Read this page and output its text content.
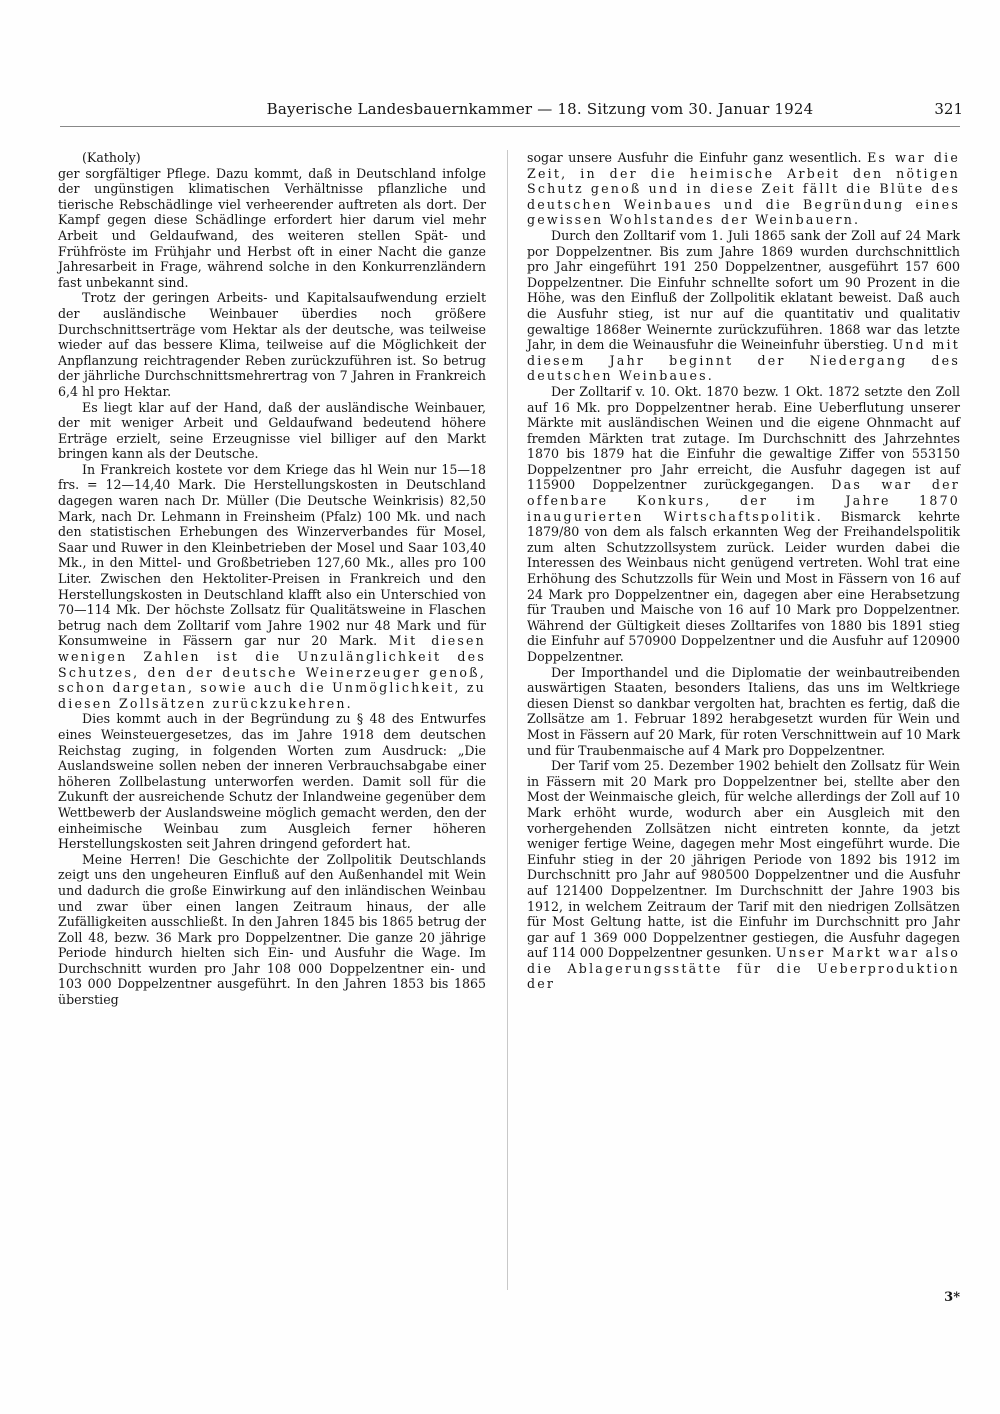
Bayerische Landesbauernkammer — 18. Sitzung vom 30. Januar 1924	321

(Katholy)

ger sorgfältiger Pflege. Dazu kommt, daß in Deutschland infolge der ungünstigen klimatischen Verhältnisse pflanzliche und tierische Rebschädlinge viel verheerender auftreten als dort. Der Kampf gegen diese Schädlinge erfordert hier darum viel mehr Arbeit und Geldaufwand, des weiteren stellen Spät- und Frühfröste im Frühjahr und Herbst oft in einer Nacht die ganze Jahresarbeit in Frage, während solche in den Konkurrenzländern fast unbekannt sind.

Trotz der geringen Arbeits- und Kapitalsaufwendung erzielt der ausländische Weinbauer überdies noch größere Durchschnittserträge vom Hektar als der deutsche, was teilweise wieder auf das bessere Klima, teilweise auf die Möglichkeit der Anpflanzung reichtragender Reben zurückzuführen ist. So betrug der jährliche Durchschnittsmehrertrag von 7 Jahren in Frankreich 6,4 hl pro Hektar.

Es liegt klar auf der Hand, daß der ausländische Weinbauer, der mit weniger Arbeit und Geldaufwand bedeutend höhere Erträge erzielt, seine Erzeugnisse viel billiger auf den Markt bringen kann als der Deutsche.

In Frankreich kostete vor dem Kriege das hl Wein nur 15—18 frs. = 12—14,40 Mark. Die Herstellungskosten in Deutschland dagegen waren nach Dr. Müller (Die Deutsche Weinkrisis) 82,50 Mark, nach Dr. Lehmann in Freinsheim (Pfalz) 100 Mk. und nach den statistischen Erhebungen des Winzerverbandes für Mosel, Saar und Ruwer in den Kleinbetrieben der Mosel und Saar 103,40 Mk., in den Mittel- und Großbetrieben 127,60 Mk., alles pro 100 Liter. Zwischen den Hektoliter-Preisen in Frankreich und den Herstellungskosten in Deutschland klafft also ein Unterschied von 70—114 Mk. Der höchste Zollsatz für Qualitätsweine in Flaschen betrug nach dem Zolltarif vom Jahre 1902 nur 48 Mark und für Konsumweine in Fässern gar nur 20 Mark. Mit diesen wenigen Zahlen ist die Unzulänglichkeit des Schutzes, den der deutsche Weinerzeuger genoß, schon dargetan, sowie auch die Unmöglichkeit, zu diesen Zollsätzen zurückzukehren.

Dies kommt auch in der Begründung zu § 48 des Entwurfes eines Weinsteuergesetzes, das im Jahre 1918 dem deutschen Reichstag zuging, in folgenden Worten zum Ausdruck: „Die Auslandsweine sollen neben der inneren Verbrauchsabgabe einer höheren Zollbelastung unterworfen werden. Damit soll für die Zukunft der ausreichende Schutz der Inlandweine gegenüber dem Wettbewerb der Auslandsweine möglich gemacht werden, den der einheimische Weinbau zum Ausgleich ferner höheren Herstellungskosten seit Jahren dringend gefordert hat.

Meine Herren! Die Geschichte der Zollpolitik Deutschlands zeigt uns den ungeheuren Einfluß auf den Außenhandel mit Wein und dadurch die große Einwirkung auf den inländischen Weinbau und zwar über einen langen Zeitraum hinaus, der alle Zufälligkeiten ausschließt. In den Jahren 1845 bis 1865 betrug der Zoll 48, bezw. 36 Mark pro Doppelzentner. Die ganze 20 jährige Periode hindurch hielten sich Ein- und Ausfuhr die Wage. Im Durchschnitt wurden pro Jahr 108 000 Doppelzentner ein- und 103 000 Doppelzentner ausgeführt. In den Jahren 1853 bis 1865 überstieg

sogar unsere Ausfuhr die Einfuhr ganz wesentlich. Es war die Zeit, in der die heimische Arbeit den nötigen Schutz genoß und in diese Zeit fällt die Blüte des deutschen Weinbaues und die Begründung eines gewissen Wohlstandes der Weinbauern.

Durch den Zolltarif vom 1. Juli 1865 sank der Zoll auf 24 Mark por Doppelzentner. Bis zum Jahre 1869 wurden durchschnittlich pro Jahr eingeführt 191 250 Doppelzentner, ausgeführt 157 600 Doppelzentner. Die Einfuhr schnellte sofort um 90 Prozent in die Höhe, was den Einfluß der Zollpolitik eklatant beweist. Daß auch die Ausfuhr stieg, ist nur auf die quantitativ und qualitativ gewaltige 1868er Weinernte zurückzuführen. 1868 war das letzte Jahr, in dem die Weinausfuhr die Weineinfuhr überstieg. Und mit diesem Jahr beginnt der Niedergang des deutschen Weinbaues.

Der Zolltarif v. 10. Okt. 1870 bezw. 1 Okt. 1872 setzte den Zoll auf 16 Mk. pro Doppelzentner herab. Eine Ueberflutung unserer Märkte mit ausländischen Weinen und die eigene Ohnmacht auf fremden Märkten trat zutage. Im Durchschnitt des Jahrzehntes 1870 bis 1879 hat die Einfuhr die gewaltige Ziffer von 553150 Doppelzentner pro Jahr erreicht, die Ausfuhr dagegen ist auf 115900 Doppelzentner zurückgegangen. Das war der offenbare Konkurs, der im Jahre 1870 inaugurierten Wirtschaftspolitik. Bismarck kehrte 1879/80 von dem als falsch erkannten Weg der Freihandelspolitik zum alten Schutzzollsystem zurück. Leider wurden dabei die Interessen des Weinbaus nicht genügend vertreten. Wohl trat eine Erhöhung des Schutzzolls für Wein und Most in Fässern von 16 auf 24 Mark pro Doppelzentner ein, dagegen aber eine Herabsetzung für Trauben und Maische von 16 auf 10 Mark pro Doppelzentner. Während der Gültigkeit dieses Zolltarifes von 1880 bis 1891 stieg die Einfuhr auf 570900 Doppelzentner und die Ausfuhr auf 120900 Doppelzentner.

Der Importhandel und die Diplomatie der weinbautreibenden auswärtigen Staaten, besonders Italiens, das uns im Weltkriege diesen Dienst so dankbar vergolten hat, brachten es fertig, daß die Zollsätze am 1. Februar 1892 herabgesetzt wurden für Wein und Most in Fässern auf 20 Mark, für roten Verschnittwein auf 10 Mark und für Traubenmaische auf 4 Mark pro Doppelzentner.

Der Tarif vom 25. Dezember 1902 behielt den Zollsatz für Wein in Fässern mit 20 Mark pro Doppelzentner bei, stellte aber den Most der Weinmaische gleich, für welche allerdings der Zoll auf 10 Mark erhöht wurde, wodurch aber ein Ausgleich mit den vorhergehenden Zollsätzen nicht eintreten konnte, da jetzt weniger fertige Weine, dagegen mehr Most eingeführt wurde. Die Einfuhr stieg in der 20 jährigen Periode von 1892 bis 1912 im Durchschnitt pro Jahr auf 980500 Doppelzentner und die Ausfuhr auf 121400 Doppelzentner. Im Durchschnitt der Jahre 1903 bis 1912, in welchem Zeitraum der Tarif mit den niedrigen Zollsätzen für Most Geltung hatte, ist die Einfuhr im Durchschnitt pro Jahr gar auf 1 369 000 Doppelzentner gestiegen, die Ausfuhr dagegen auf 114 000 Doppelzentner gesunken. Unser Markt war also die Ablagerungsstätte für die Ueberproduktion der

3*
